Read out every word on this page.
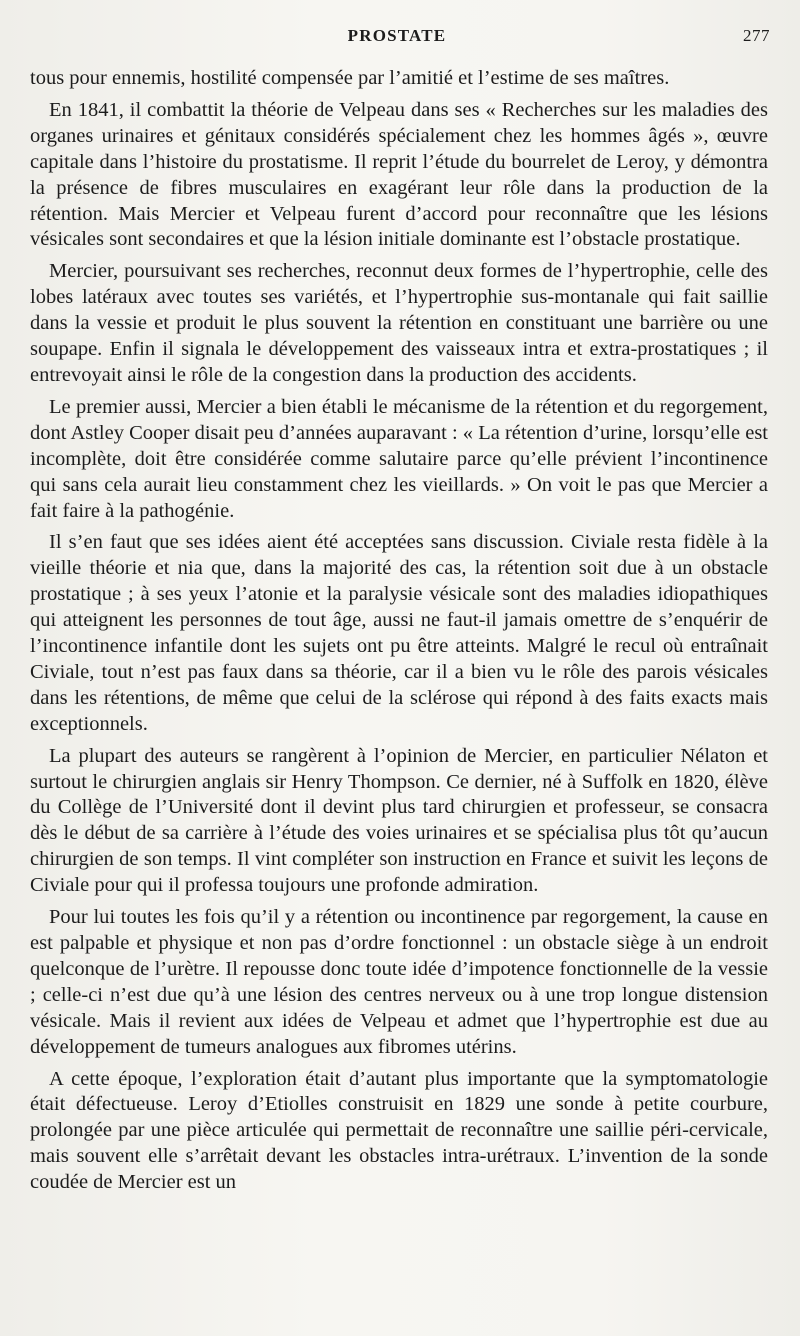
PROSTATE	277

tous pour ennemis, hostilité compensée par l’amitié et l’estime de ses maîtres.

En 1841, il combattit la théorie de Velpeau dans ses « Recherches sur les maladies des organes urinaires et génitaux considérés spécialement chez les hommes âgés », œuvre capitale dans l’histoire du prostatisme. Il reprit l’étude du bourrelet de Leroy, y démontra la présence de fibres musculaires en exagérant leur rôle dans la production de la rétention. Mais Mercier et Velpeau furent d’accord pour reconnaître que les lésions vésicales sont secondaires et que la lésion initiale dominante est l’obstacle prostatique.

Mercier, poursuivant ses recherches, reconnut deux formes de l’hypertrophie, celle des lobes latéraux avec toutes ses variétés, et l’hypertrophie sus-montanale qui fait saillie dans la vessie et produit le plus souvent la rétention en constituant une barrière ou une soupape. Enfin il signala le développement des vaisseaux intra et extra-prostatiques ; il entrevoyait ainsi le rôle de la congestion dans la production des accidents.

Le premier aussi, Mercier a bien établi le mécanisme de la rétention et du regorgement, dont Astley Cooper disait peu d’années auparavant : « La rétention d’urine, lorsqu’elle est incomplète, doit être considérée comme salutaire parce qu’elle prévient l’incontinence qui sans cela aurait lieu constamment chez les vieillards. » On voit le pas que Mercier a fait faire à la pathogénie.

Il s’en faut que ses idées aient été acceptées sans discussion. Civiale resta fidèle à la vieille théorie et nia que, dans la majorité des cas, la rétention soit due à un obstacle prostatique ; à ses yeux l’atonie et la paralysie vésicale sont des maladies idiopathiques qui atteignent les personnes de tout âge, aussi ne faut-il jamais omettre de s’enquérir de l’incontinence infantile dont les sujets ont pu être atteints. Malgré le recul où entraînait Civiale, tout n’est pas faux dans sa théorie, car il a bien vu le rôle des parois vésicales dans les rétentions, de même que celui de la sclérose qui répond à des faits exacts mais exceptionnels.

La plupart des auteurs se rangèrent à l’opinion de Mercier, en particulier Nélaton et surtout le chirurgien anglais sir Henry Thompson. Ce dernier, né à Suffolk en 1820, élève du Collège de l’Université dont il devint plus tard chirurgien et professeur, se consacra dès le début de sa carrière à l’étude des voies urinaires et se spécialisa plus tôt qu’aucun chirurgien de son temps. Il vint compléter son instruction en France et suivit les leçons de Civiale pour qui il professa toujours une profonde admiration.

Pour lui toutes les fois qu’il y a rétention ou incontinence par regorgement, la cause en est palpable et physique et non pas d’ordre fonctionnel : un obstacle siège à un endroit quelconque de l’urètre. Il repousse donc toute idée d’impotence fonctionnelle de la vessie ; celle-ci n’est due qu’à une lésion des centres nerveux ou à une trop longue distension vésicale. Mais il revient aux idées de Velpeau et admet que l’hypertrophie est due au développement de tumeurs analogues aux fibromes utérins.

A cette époque, l’exploration était d’autant plus importante que la symptomatologie était défectueuse. Leroy d’Etiolles construisit en 1829 une sonde à petite courbure, prolongée par une pièce articulée qui permettait de reconnaître une saillie péri-cervicale, mais souvent elle s’arrêtait devant les obstacles intra-urétraux. L’invention de la sonde coudée de Mercier est un
